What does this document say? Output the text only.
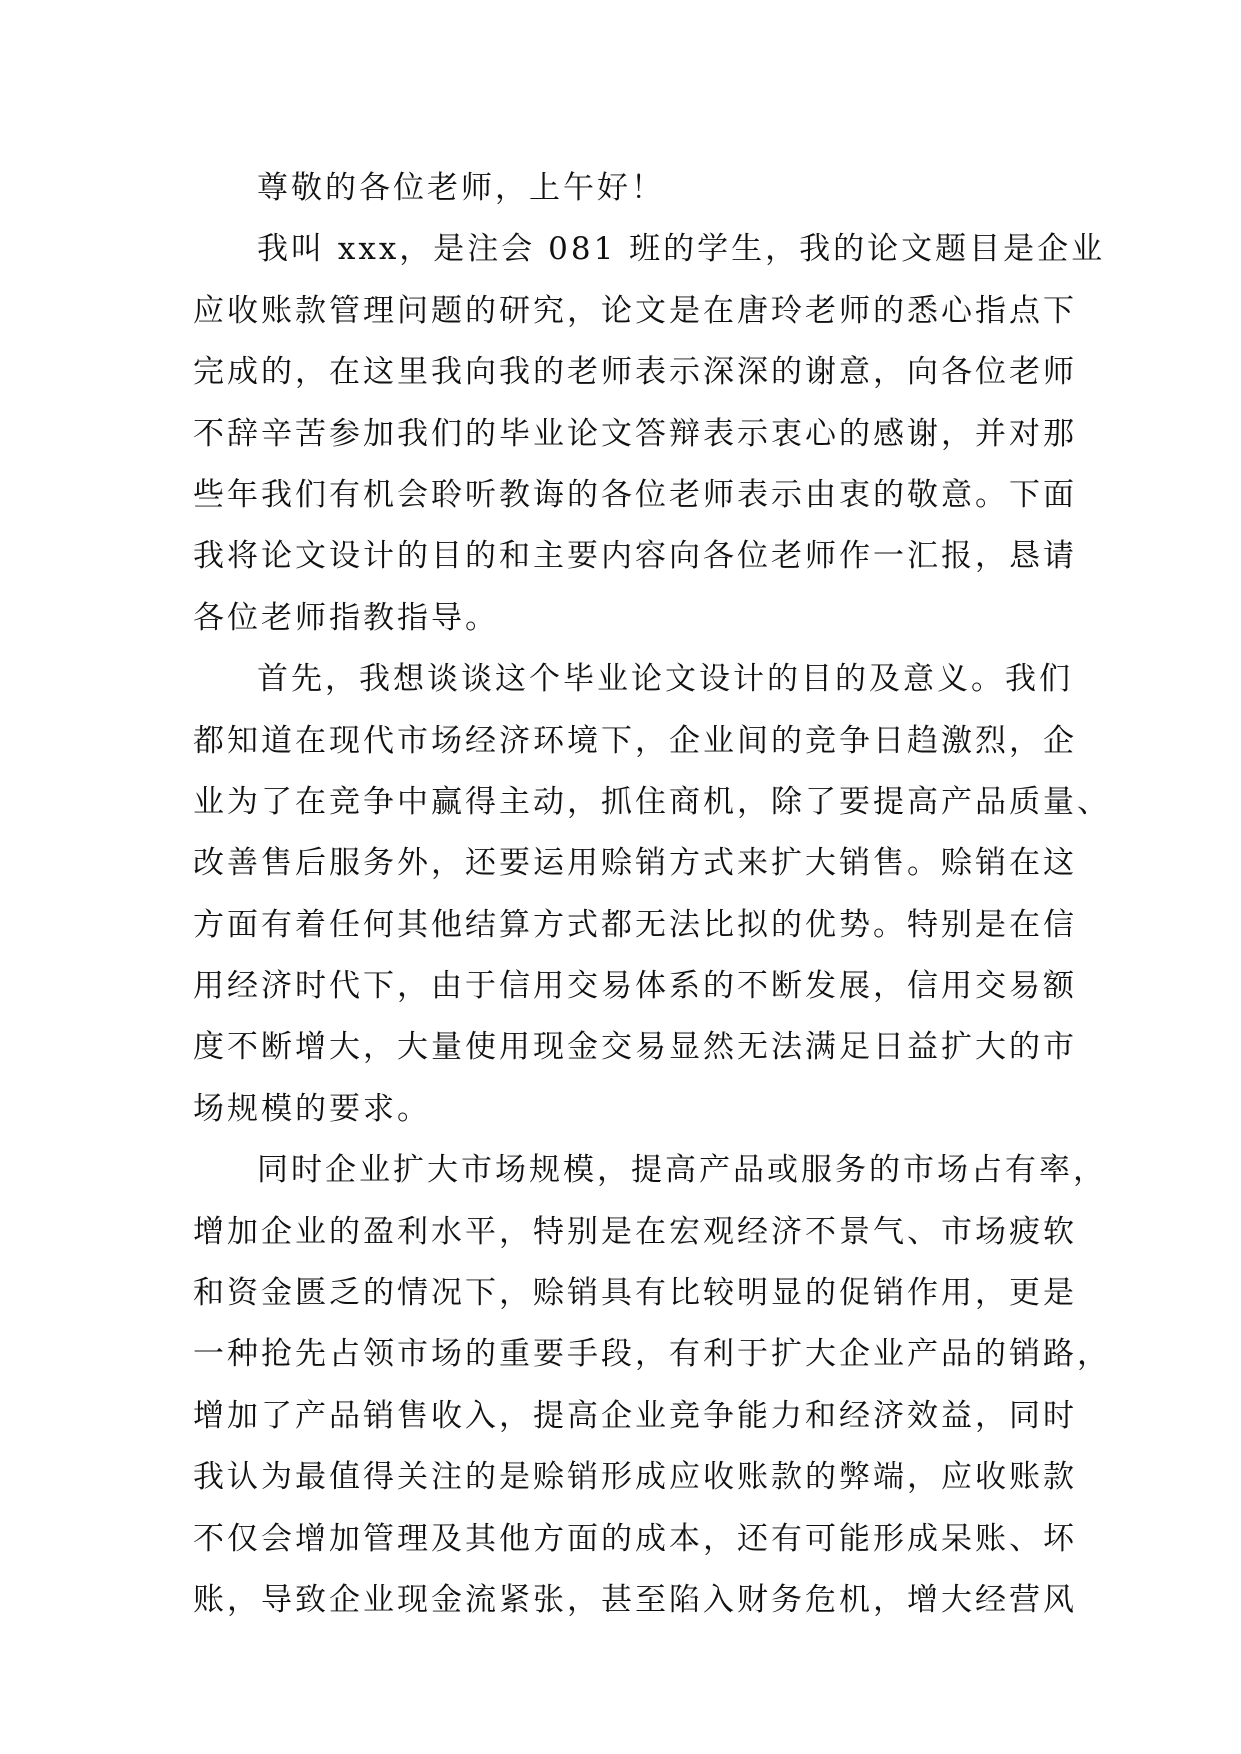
尊敬的各位老师，上午好！
我叫 xxx，是注会 081 班的学生，我的论文题目是企业
应收账款管理问题的研究，论文是在唐玲老师的悉心指点下
完成的，在这里我向我的老师表示深深的谢意，向各位老师
不辞辛苦参加我们的毕业论文答辩表示衷心的感谢，并对那
些年我们有机会聆听教诲的各位老师表示由衷的敬意。下面
我将论文设计的目的和主要内容向各位老师作一汇报，恳请
各位老师指教指导。
首先，我想谈谈这个毕业论文设计的目的及意义。我们
都知道在现代市场经济环境下，企业间的竞争日趋激烈，企
业为了在竞争中赢得主动，抓住商机，除了要提高产品质量、
改善售后服务外，还要运用赊销方式来扩大销售。赊销在这
方面有着任何其他结算方式都无法比拟的优势。特别是在信
用经济时代下，由于信用交易体系的不断发展，信用交易额
度不断增大，大量使用现金交易显然无法满足日益扩大的市
场规模的要求。
同时企业扩大市场规模，提高产品或服务的市场占有率，
增加企业的盈利水平，特别是在宏观经济不景气、市场疲软
和资金匮乏的情况下，赊销具有比较明显的促销作用，更是
一种抢先占领市场的重要手段，有利于扩大企业产品的销路，
增加了产品销售收入，提高企业竞争能力和经济效益，同时
我认为最值得关注的是赊销形成应收账款的弊端，应收账款
不仅会增加管理及其他方面的成本，还有可能形成呆账、坏
账，导致企业现金流紧张，甚至陷入财务危机，增大经营风
